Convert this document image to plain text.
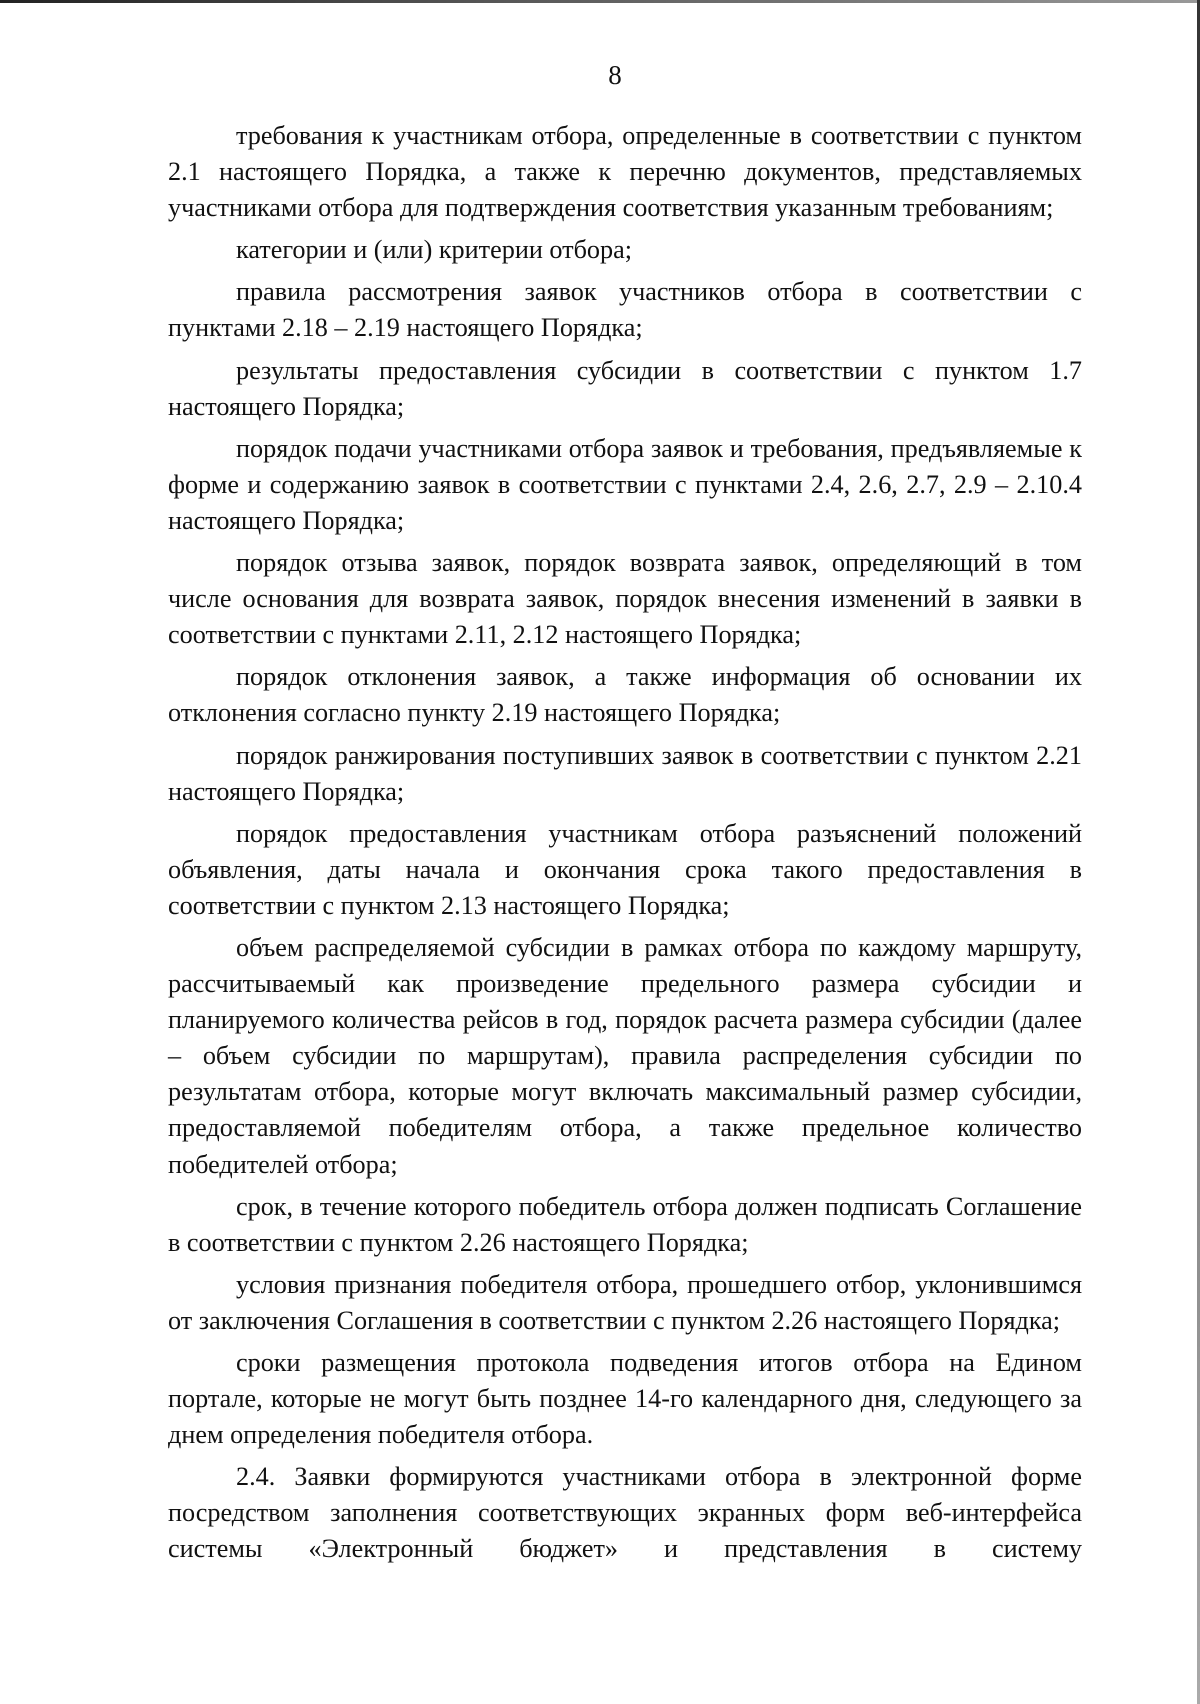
8

требования к участникам отбора, определенные в соответствии с пунктом 2.1 настоящего Порядка, а также к перечню документов, представляемых участниками отбора для подтверждения соответствия указанным требованиям;

категории и (или) критерии отбора;

правила рассмотрения заявок участников отбора в соответствии с пунктами 2.18 – 2.19 настоящего Порядка;

результаты предоставления субсидии в соответствии с пунктом 1.7 настоящего Порядка;

порядок подачи участниками отбора заявок и требования, предъявляемые к форме и содержанию заявок в соответствии с пунктами 2.4, 2.6, 2.7, 2.9 – 2.10.4 настоящего Порядка;

порядок отзыва заявок, порядок возврата заявок, определяющий в том числе основания для возврата заявок, порядок внесения изменений в заявки в соответствии с пунктами 2.11, 2.12 настоящего Порядка;

порядок отклонения заявок, а также информация об основании их отклонения согласно пункту 2.19 настоящего Порядка;

порядок ранжирования поступивших заявок в соответствии с пунктом 2.21 настоящего Порядка;

порядок предоставления участникам отбора разъяснений положений объявления, даты начала и окончания срока такого предоставления в соответствии с пунктом 2.13 настоящего Порядка;

объем распределяемой субсидии в рамках отбора по каждому маршруту, рассчитываемый как произведение предельного размера субсидии и планируемого количества рейсов в год, порядок расчета размера субсидии (далее – объем субсидии по маршрутам), правила распределения субсидии по результатам отбора, которые могут включать максимальный размер субсидии, предоставляемой победителям отбора, а также предельное количество победителей отбора;

срок, в течение которого победитель отбора должен подписать Соглашение в соответствии с пунктом 2.26 настоящего Порядка;

условия признания победителя отбора, прошедшего отбор, уклонившимся от заключения Соглашения в соответствии с пунктом 2.26 настоящего Порядка;

сроки размещения протокола подведения итогов отбора на Едином портале, которые не могут быть позднее 14-го календарного дня, следующего за днем определения победителя отбора.

2.4. Заявки формируются участниками отбора в электронной форме посредством заполнения соответствующих экранных форм веб-интерфейса системы «Электронный бюджет» и представления в систему
